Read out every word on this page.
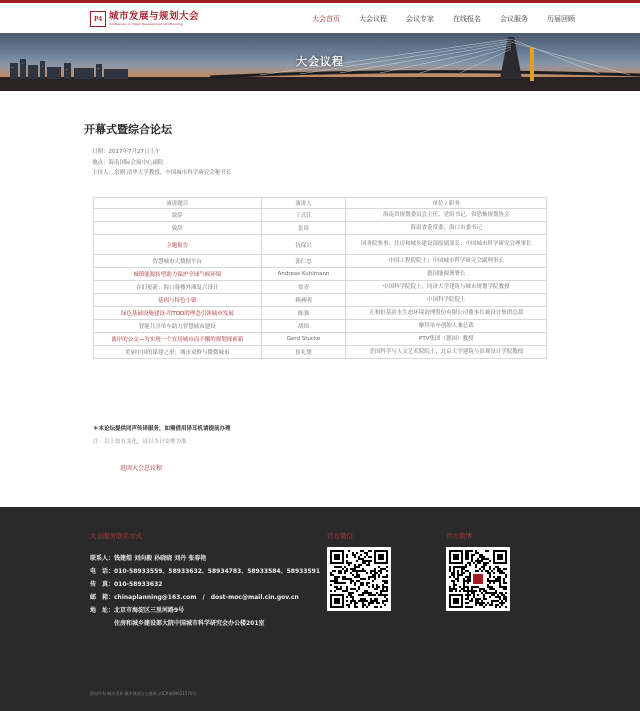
P4 城市发展与规划大会
Conference on Urban Development and Planning
大会首页	大会议程	会议专家	在线报名	会议服务	历届回顾
大会议程
开幕式暨综合论坛
日期：2017年7月27日上午
地点：海南国际会展中心副院
主持人：余刚 清华大学教授、中国城市科学研究会秘书长
演讲题目	演讲人	单位 / 职务
致辞	丁式江	海南省规划委员会主任、党组书记，省恐怖规划协会
致辞	张琦	海南省委常委、海口市委书记
主题报告	仇保兴	国务院参事；住房和城乡建设部原副部长；中国城市科学研究会理事长
智慧城市大数据平台	郭仁忠	中国工程院院士；中国城市科学研究会副理事长
城镇能源转型助力保护全球气候环境	Andreas Kuhlmann	德国能源署署长
存旧更新：海口骑楼外滩复兴设计	常青	中国科学院院士；同济大学建筑与城市规划学院教授
基因与特色小镇	赖燕明	中国科学院院士
绿色基础设施建设-用TOD的理念引领城市发展	陈强	正和恒基滨水生态环境治理股份有限公司董事长兼设计集团总裁
智能共享单车助力智慧城市建设	胡纬	摩拜单车创始人兼总裁
离岸的公交—为实现一个宜居城市而不懈的规划探索新	Gerd Stucke	PTV集团（德国）教授
美丽中国的谋建之形：城市双修与微微城市	崔礼楚	美国科学与人文艺术院院士；北京大学建筑与景观设计学院教授
＊本论坛提供同声传译服务，如需借用译耳机请提前办理
注：以上如有变化，请以当日安排为准
返回大会总议程
大会服务联系方式
联系人：钱建煌 刘向毅 孙晓晓 刘丹 张春艳
电　话：010-58933559、58933632、58934783、58933584、58933591
传　真：010-58933632
邮　箱：chinaplanning@163.com　/　dost-moc@mail.cin.gov.cn
地　址：北京市海淀区三里河路9号
住房和城乡建设部大院中国城市科学研究会办公楼201室
官方微信	官方微博
版权所有·城市世界·城市规划与交通网 京ICP备09021570号
